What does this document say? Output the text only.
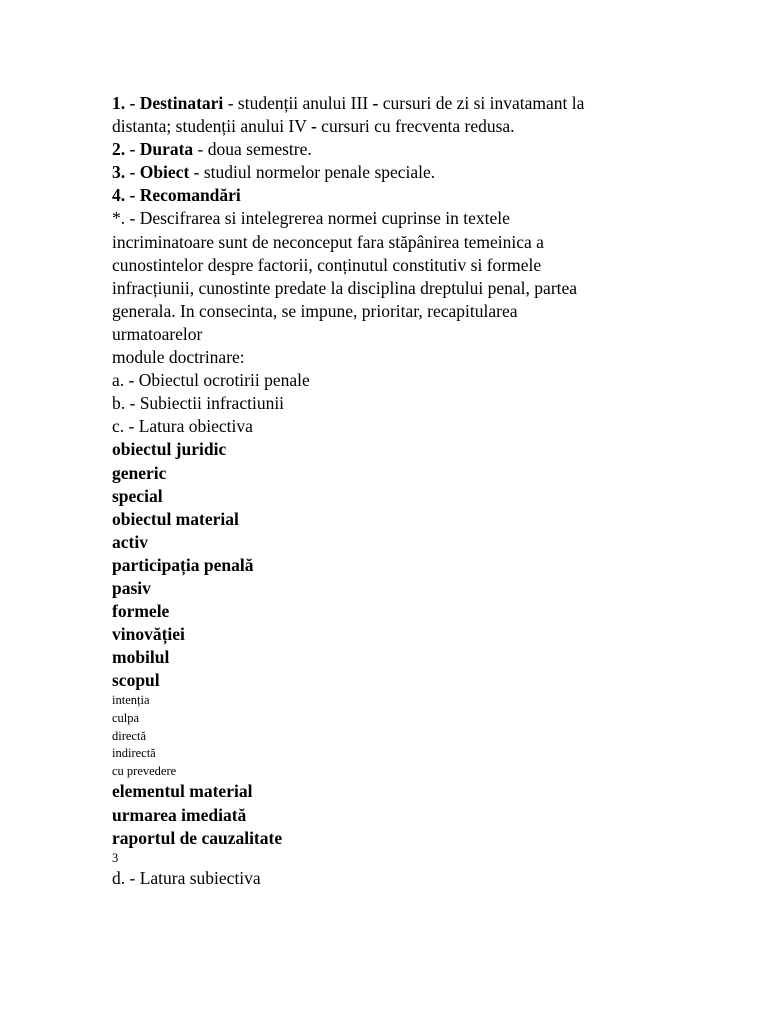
1. - Destinatari - studenții anului III - cursuri de zi si invatamant la
distanta; studenții anului IV - cursuri cu frecventa redusa.
2. - Durata - doua semestre.
3. - Obiect - studiul normelor penale speciale.
4. - Recomandări
*. - Descifrarea si intelegrerea normei cuprinse in textele
incriminatoare sunt de neconceput fara stăpânirea temeinica a
cunostintelor despre factorii, conținutul constitutiv si formele
infracțiunii, cunostinte predate la disciplina dreptului penal, partea
generala. In consecinta, se impune, prioritar, recapitularea
urmatoarelor
module doctrinare:
a. - Obiectul ocrotirii penale
b. - Subiectii infractiunii
c. - Latura obiectiva
obiectul juridic
generic
special
obiectul material
activ
participația penală
pasiv
formele
vinovăției
mobilul
scopul
intenția
culpa
directă
indirectă
cu prevedere
elementul material
urmarea imediată
raportul de cauzalitate
3
d. - Latura subiectiva
